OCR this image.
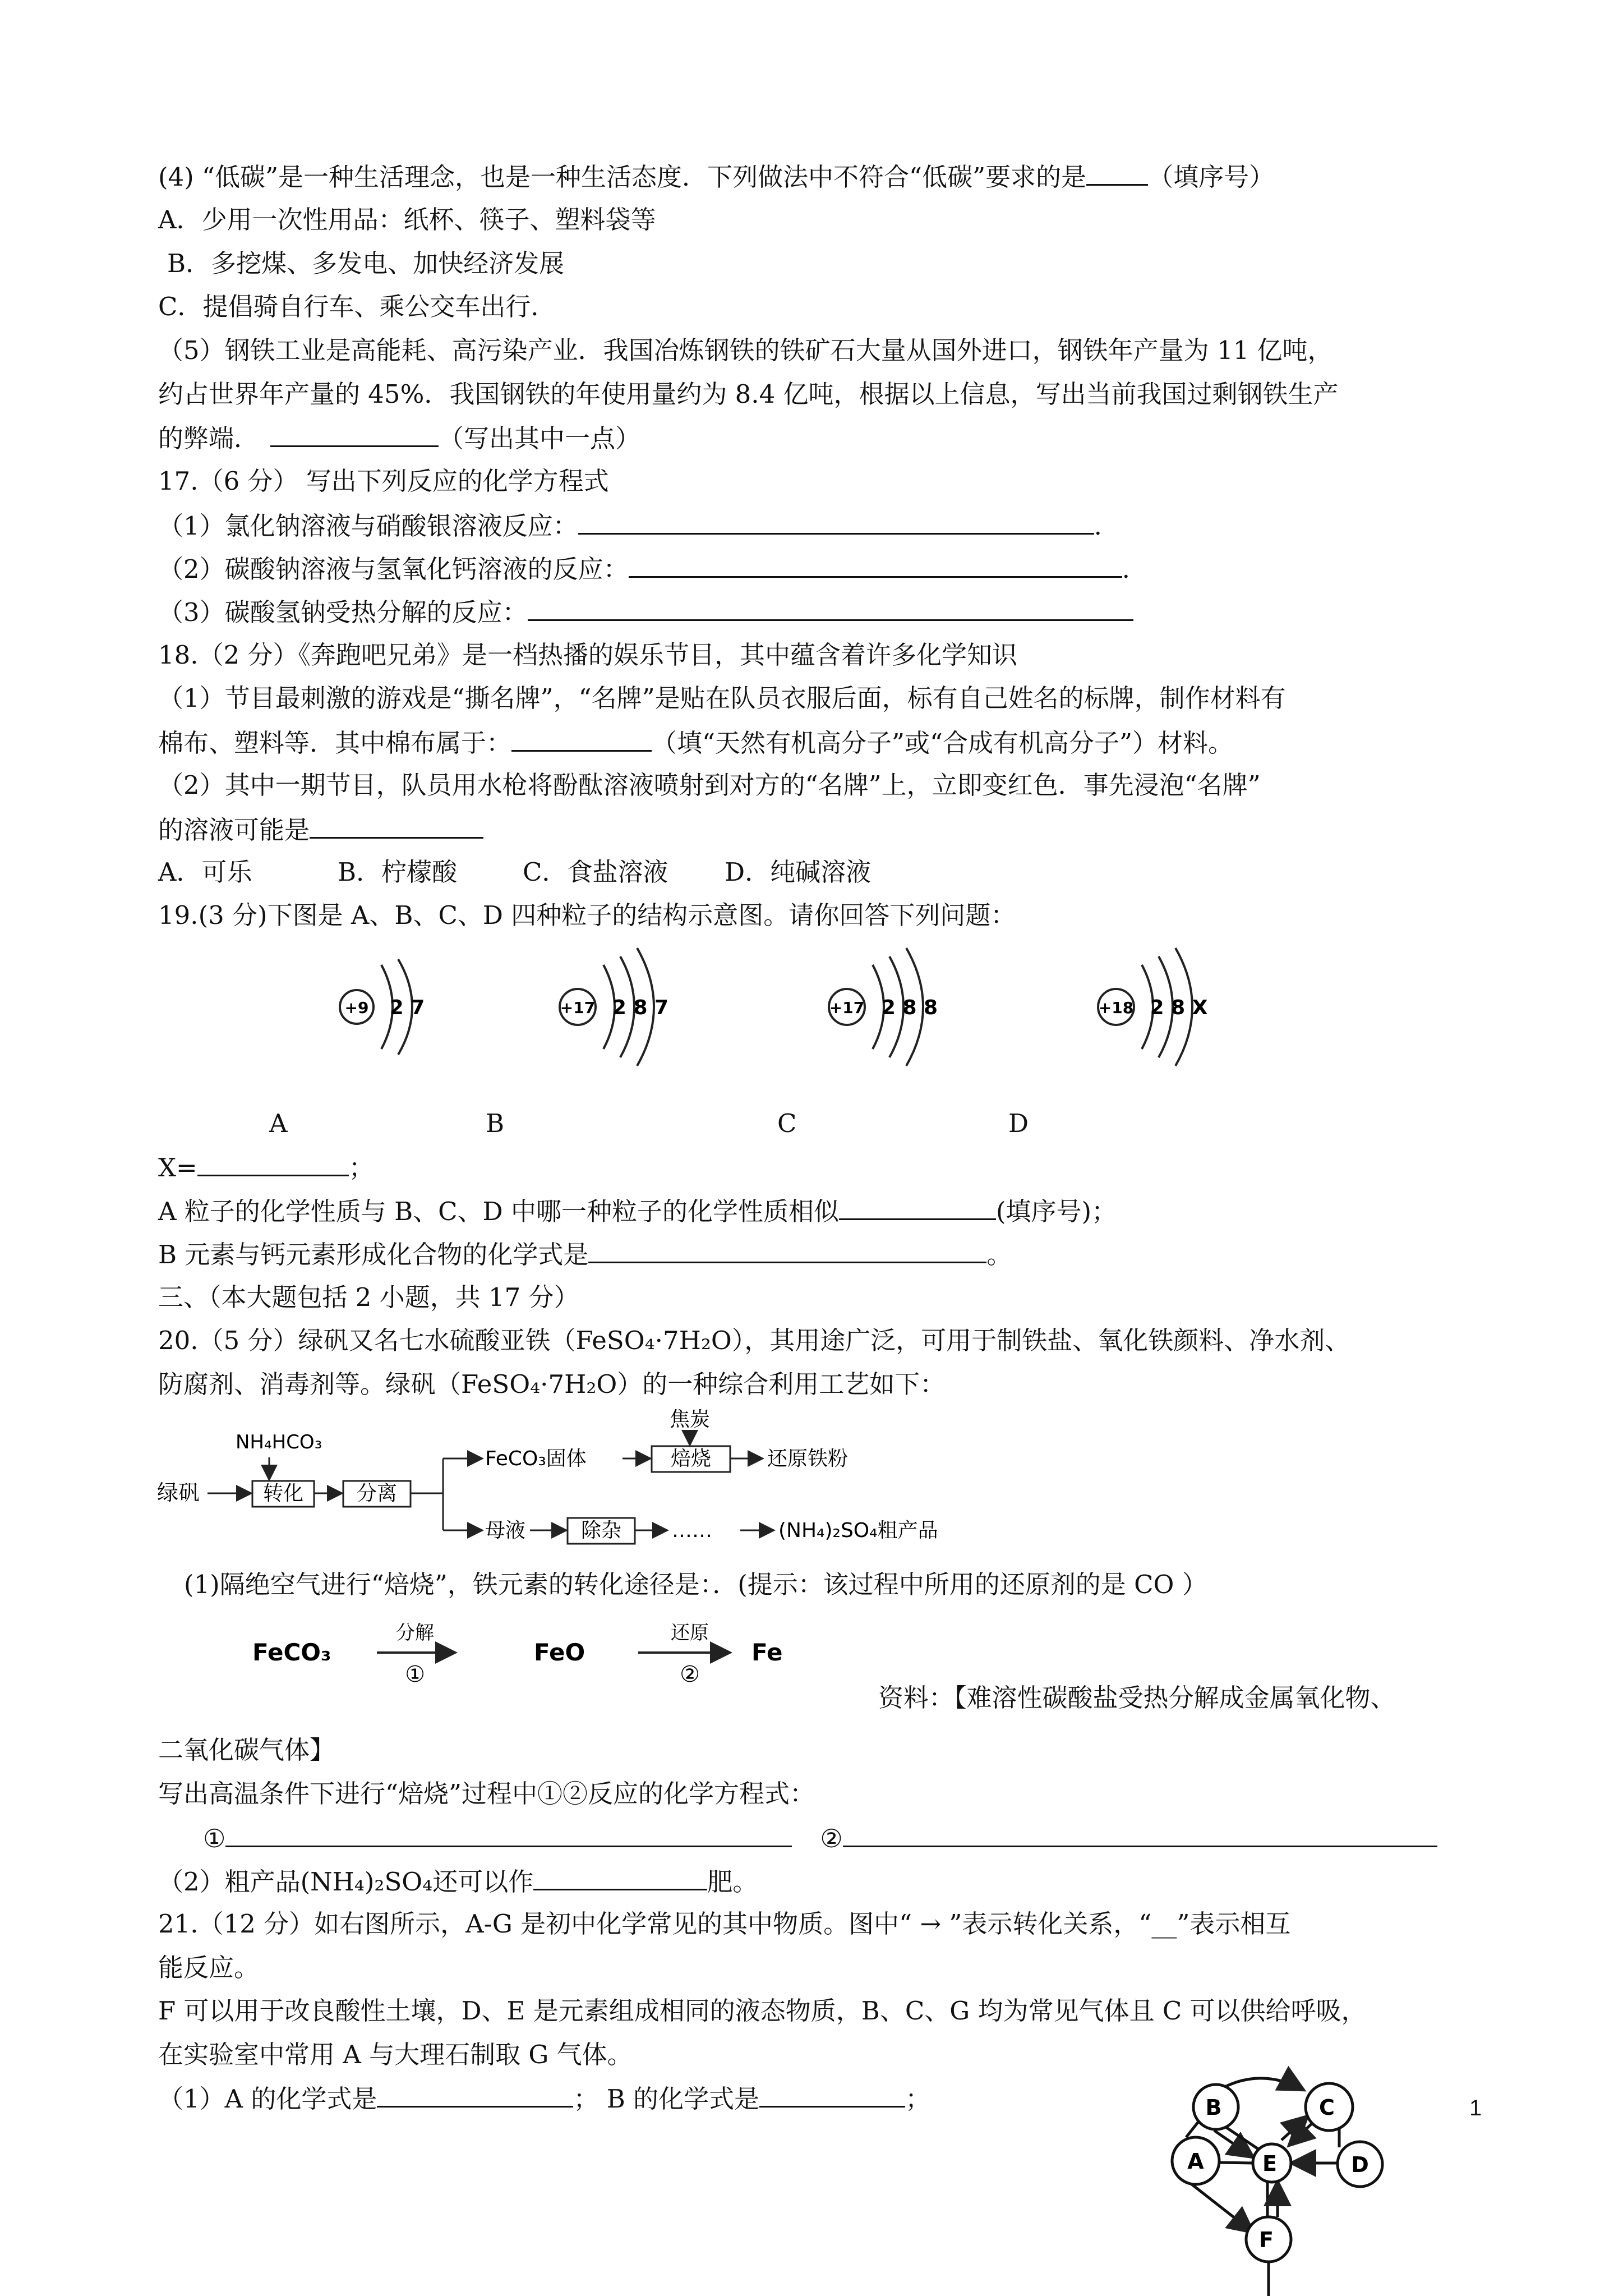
(4) “低碳”是一种生活理念，也是一种生活态度．下列做法中不符合“低碳”要求的是 （填序号）
A．少用一次性用品：纸杯、筷子、塑料袋等
B．多挖煤、多发电、加快经济发展
C．提倡骑自行车、乘公交车出行．
（5）钢铁工业是高能耗、高污染产业．我国冶炼钢铁的铁矿石大量从国外进口，钢铁年产量为 11 亿吨，
约占世界年产量的 45%．我国钢铁的年使用量约为 8.4 亿吨，根据以上信息，写出当前我国过剩钢铁生产
的弊端．	（写出其中一点）
17.（6 分） 写出下列反应的化学方程式
（1）氯化钠溶液与硝酸银溶液反应：	.
（2）碳酸钠溶液与氢氧化钙溶液的反应：	.
（3）碳酸氢钠受热分解的反应：
18.（2 分）《奔跑吧兄弟》是一档热播的娱乐节目，其中蕴含着许多化学知识
（1）节目最刺激的游戏是“撕名牌”，“名牌”是贴在队员衣服后面，标有自己姓名的标牌，制作材料有
棉布、塑料等．其中棉布属于：	（填“天然有机高分子”或“合成有机高分子”）材料。
（2）其中一期节目，队员用水枪将酚酞溶液喷射到对方的“名牌”上，立即变红色．事先浸泡“名牌”
的溶液可能是
A．可乐	B．柠檬酸	C．食盐溶液 D．纯碱溶液
19.(3 分)下图是 A、B、C、D 四种粒子的结构示意图。请你回答下列问题：
+9 2 7	+17 2 8 7	+17 2 8 8	+18 2 8 X
A	B	C	D
X=	；
A 粒子的化学性质与 B、C、D 中哪一种粒子的化学性质相似	(填序号)；
B 元素与钙元素形成化合物的化学式是	。
三、（本大题包括 2 小题，共 17 分）
20.（5 分）绿矾又名七水硫酸亚铁（FeSO₄·7H₂O），其用途广泛，可用于制铁盐、氧化铁颜料、净水剂、
防腐剂、消毒剂等。绿矾（FeSO₄·7H₂O）的一种综合利用工艺如下：
NH₄HCO₃
绿矾	转化	分离
FeCO₃固体
焦炭
焙烧	还原铁粉
母液	除杂 ……	(NH₄)₂SO₄粗产品
(1)隔绝空气进行“焙烧”，铁元素的转化途径是：．(提示：该过程中所用的还原剂的是 CO ）
FeCO₃
分解
①
FeO
还原
②
Fe
资料：【难溶性碳酸盐受热分解成金属氧化物、
二氧化碳气体】
写出高温条件下进行“焙烧”过程中①②反应的化学方程式：
①	②
（2）粗产品(NH₄)₂SO₄还可以作	肥。
21.（12 分）如右图所示，A-G 是初中化学常见的其中物质。图中“ → ”表示转化关系，“__”表示相互
能反应。
F 可以用于改良酸性土壤，D、E 是元素组成相同的液态物质，B、C、G 均为常见气体且 C 可以供给呼吸，
在实验室中常用 A 与大理石制取 G 气体。
（1）A 的化学式是	； B 的化学式是	；	B	C
A	E	D
F
1
